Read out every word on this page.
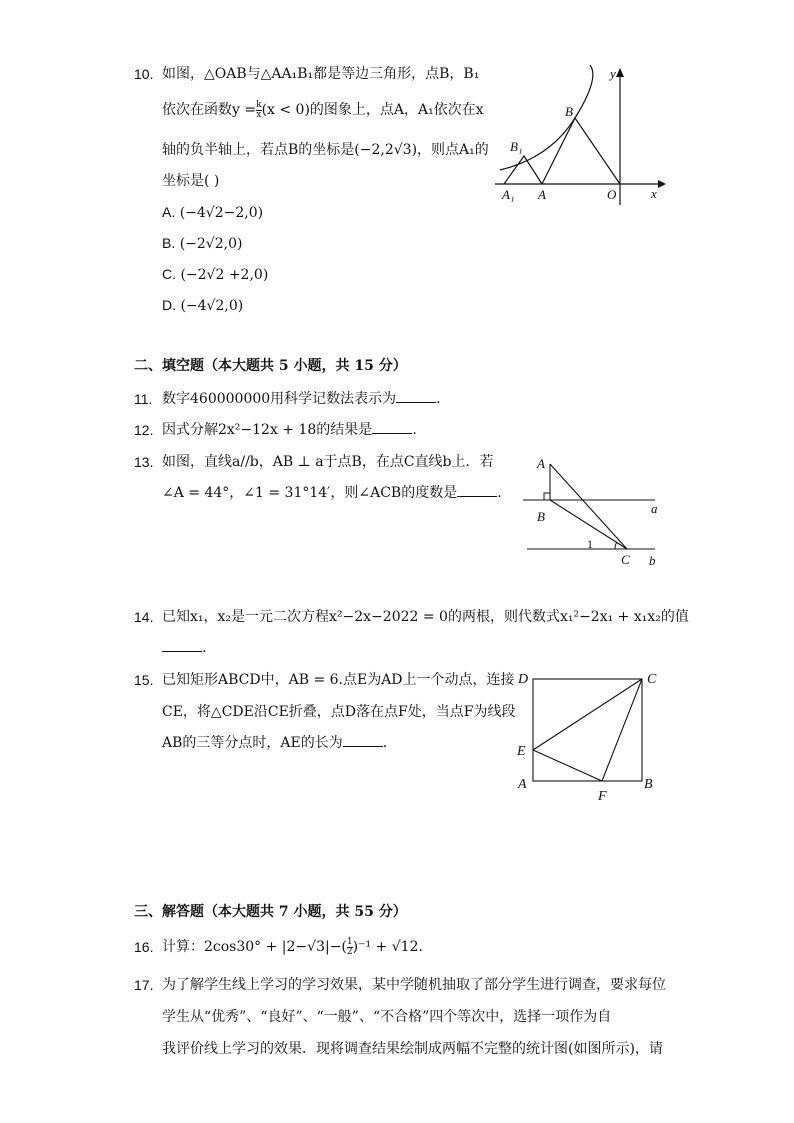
10. 如图，△OAB与△AA₁B₁都是等边三角形，点B，B₁
依次在函数$y = \frac{k}{x} (x < 0)$的图象上，点A，A₁依次在x
轴的负半轴上，若点B的坐标是(−2,2√3)，则点A₁的
坐标是( )
A. (−4√2−2,0)
B. (−2√2,0)
C. (−2√2 +2,0)
D. (−4√2,0)
y
x
B
B₁
A₁ A	O
二、填空题（本大题共 5 小题，共 15 分）
11. 数字460000000用科学记数法表示为	.
12. 因式分解2x²−12x + 18的结果是	.
13. 如图，直线a//b，AB ⊥ a于点B，在点C直线b上．若
∠A = 44°，∠1 = 31°14′，则∠ACB的度数是	.
A
B
C
a
b
1
14. 已知x₁，x₂是一元二次方程x²−2x−2022 = 0的两根，则代数式x₁²−2x₁ + x₁x₂的值
.
15. 已知矩形ABCD中，AB = 6.点E为AD上一个动点，连接
CE，将△CDE沿CE折叠，点D落在点F处，当点F为线段
AB的三等分点时，AE的长为	.
D	C
E
A
F
B
三、解答题（本大题共 7 小题，共 55 分）
16. 计算：$2\cos 30^\circ + |2-√3|-( \frac{1}{2} )^{-1} + √12$．
17. 为了解学生线上学习的学习效果，某中学随机抽取了部分学生进行调查，要求每位
学生从“优秀”、“良好”、“一般”、“不合格”四个等次中，选择一项作为自
我评价线上学习的效果．现将调查结果绘制成两幅不完整的统计图(如图所示)，请
